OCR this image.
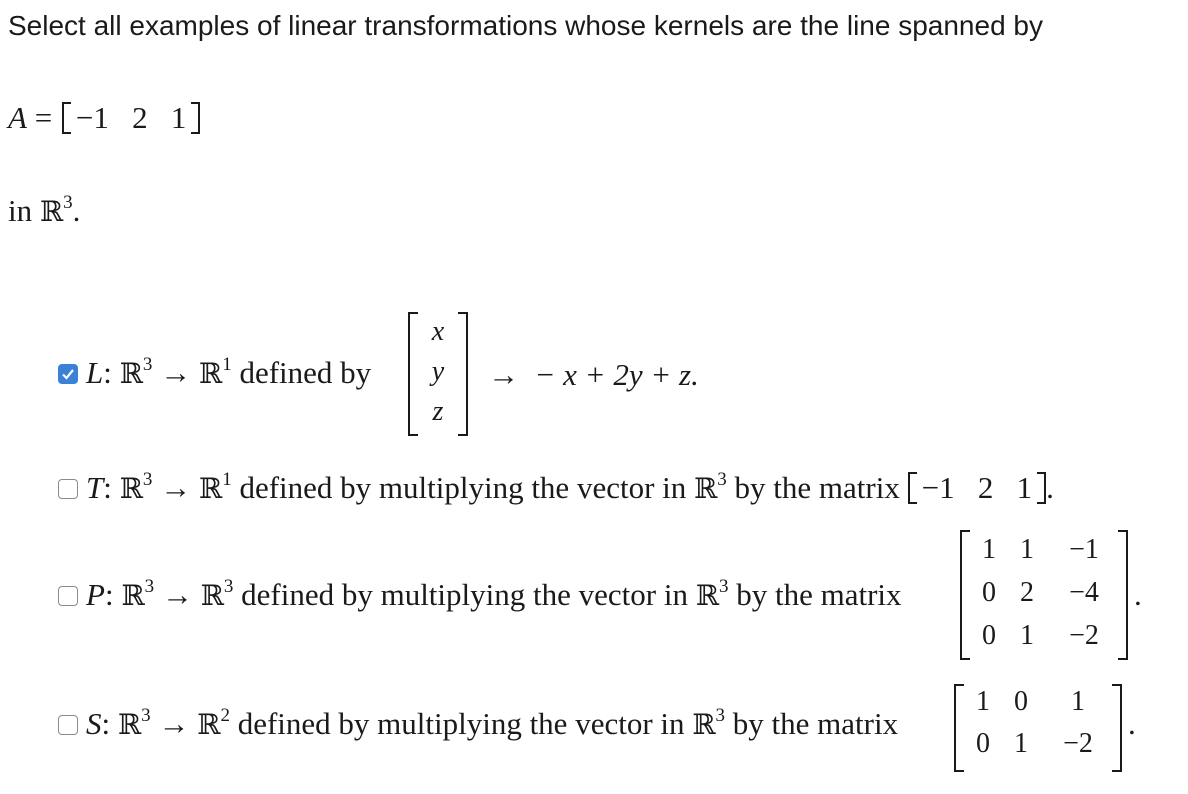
Select all examples of linear transformations whose kernels are the line spanned by
A = −1 2 1
in ℝ$^3$.
L: ℝ$^3$ → ℝ$^1$ defined by
x
y
z
→ − x + 2y + z.
T: ℝ$^3$ → ℝ$^1$ defined by multiplying the vector in ℝ$^3$ by the matrix −1 2 1 .
P: ℝ$^3$ → ℝ$^3$ defined by multiplying the vector in ℝ$^3$ by the matrix
1 1	−1
0 2	−4
0 1	−2
.
S: ℝ$^3$ → ℝ$^2$ defined by multiplying the vector in ℝ$^3$ by the matrix
1 0	1
0 1	−2
.
